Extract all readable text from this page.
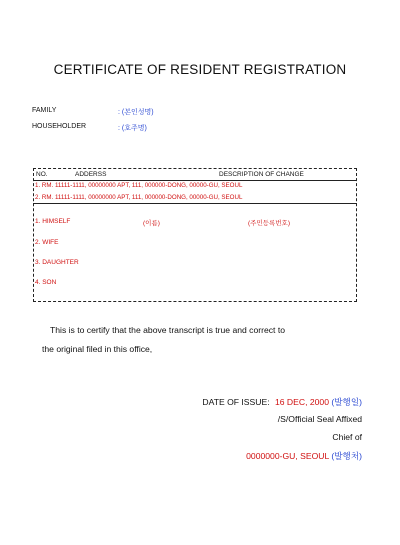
CERTIFICATE OF RESIDENT REGISTRATION
FAMILY	: (본인성명)
HOUSEHOLDER	: (호주명)
NO.	ADDERSS	DESCRIPTION OF CHANGE
1. RM. 11111-1111, 00000000 APT, 111, 000000-DONG, 00000-GU, SEOUL
2. RM. 11111-1111, 00000000 APT, 111, 000000-DONG, 00000-GU, SEOUL
1. HIMSELF	(이름)	(주민등록번호)
2. WIFE
3. DAUGHTER
4. SON
This is to certify that the above transcript is true and correct to
the original filed in this office,
DATE OF ISSUE: 16 DEC, 2000 (발행일)
/S/Official Seal Affixed
Chief of
0000000-GU, SEOUL (발행처)
